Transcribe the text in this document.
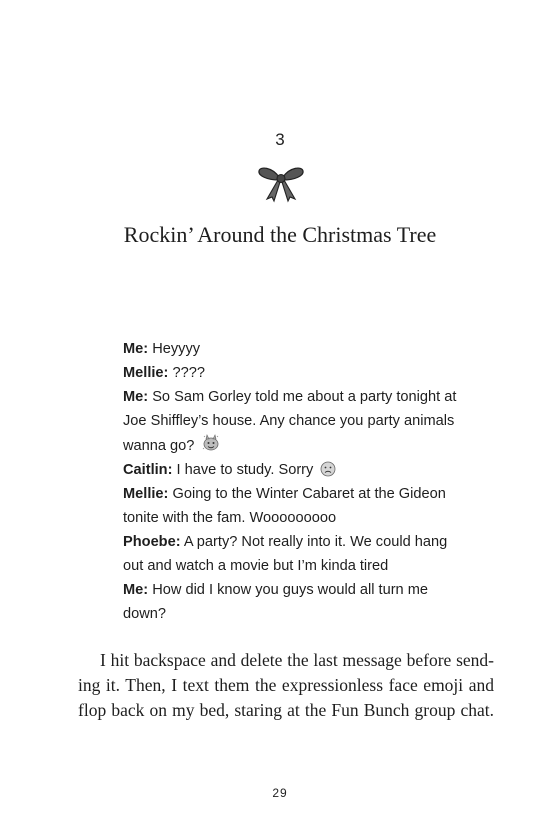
3
Rockin’ Around the Christmas Tree
Me: Heyyyy
Mellie: ????
Me: So Sam Gorley told me about a party tonight at
Joe Shiffley’s house. Any chance you party animals
wanna go?
Caitlin: I have to study. Sorry
Mellie: Going to the Winter Cabaret at the Gideon
tonite with the fam. Wooooooooo
Phoebe: A party? Not really into it. We could hang
out and watch a movie but I’m kinda tired
Me: How did I know you guys would all turn me
down?
I hit backspace and delete the last message before send-
ing it. Then, I text them the expressionless face emoji and
flop back on my bed, staring at the Fun Bunch group chat.
29
